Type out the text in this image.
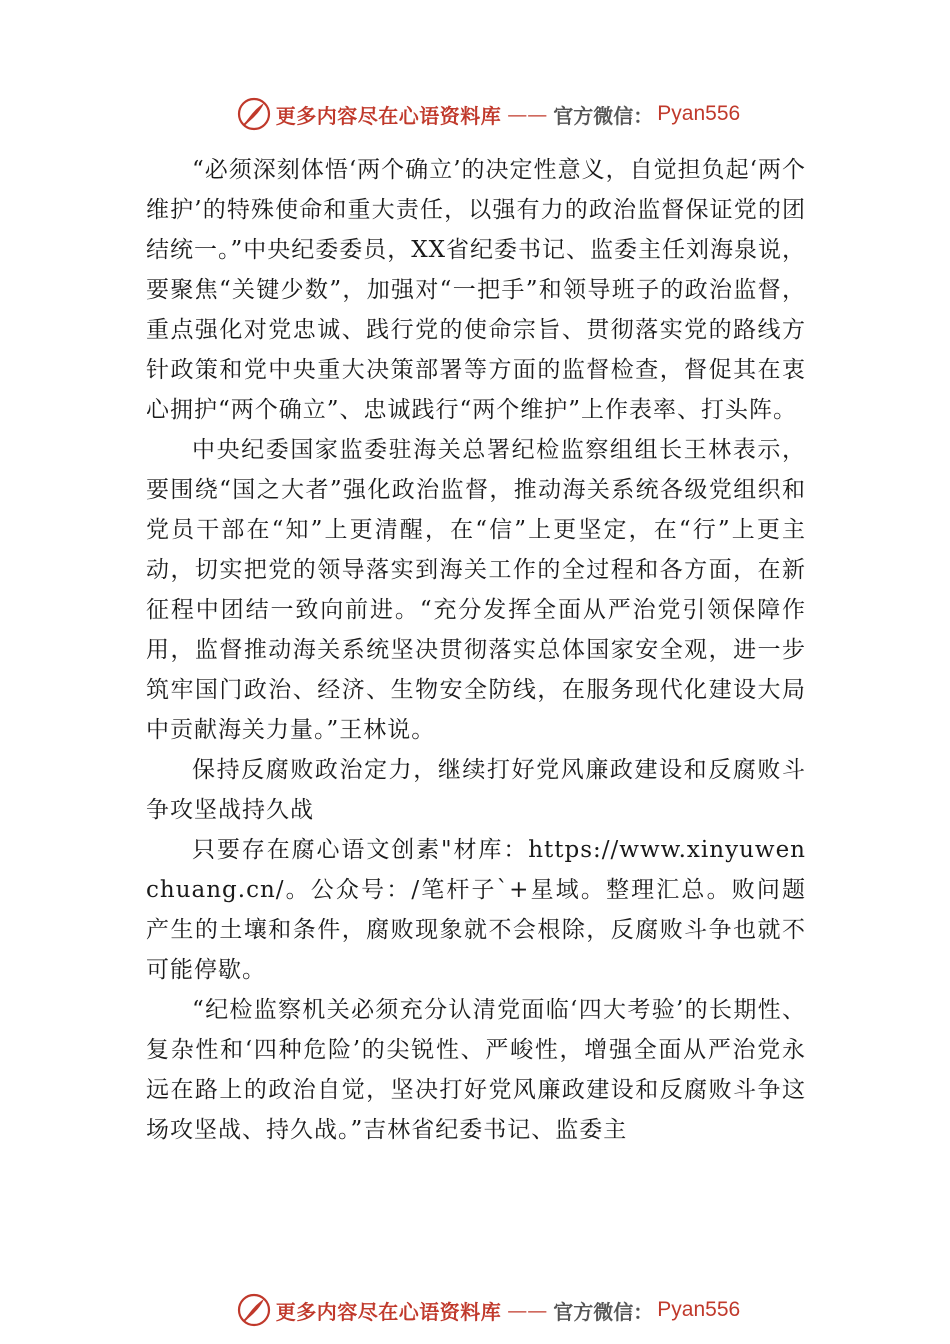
更多内容尽在心语资料库 —— 官方微信： Pyan556

“必须深刻体悟‘两个确立’的决定性意义，自觉担负起‘两个维护’的特殊使命和重大责任，以强有力的政治监督保证党的团结统一。”中央纪委委员，XX省纪委书记、监委主任刘海泉说，要聚焦“关键少数”，加强对“一把手”和领导班子的政治监督，重点强化对党忠诚、践行党的使命宗旨、贯彻落实党的路线方针政策和党中央重大决策部署等方面的监督检查，督促其在衷心拥护“两个确立”、忠诚践行“两个维护”上作表率、打头阵。

中央纪委国家监委驻海关总署纪检监察组组长王林表示，要围绕“国之大者”强化政治监督，推动海关系统各级党组织和党员干部在“知”上更清醒，在“信”上更坚定，在“行”上更主动，切实把党的领导落实到海关工作的全过程和各方面，在新征程中团结一致向前进。“充分发挥全面从严治党引领保障作用，监督推动海关系统坚决贯彻落实总体国家安全观，进一步筑牢国门政治、经济、生物安全防线，在服务现代化建设大局中贡献海关力量。”王林说。

保持反腐败政治定力，继续打好党风廉政建设和反腐败斗争攻坚战持久战

只要存在腐心语文创素"材库：https://www.xinyuwenchuang.cn/。公众号：/笔杆子`+星域。整理汇总。败问题产生的土壤和条件，腐败现象就不会根除，反腐败斗争也就不可能停歇。

“纪检监察机关必须充分认清党面临‘四大考验’的长期性、复杂性和‘四种危险’的尖锐性、严峻性，增强全面从严治党永远在路上的政治自觉，坚决打好党风廉政建设和反腐败斗争这场攻坚战、持久战。”吉林省纪委书记、监委主

更多内容尽在心语资料库 —— 官方微信： Pyan556
